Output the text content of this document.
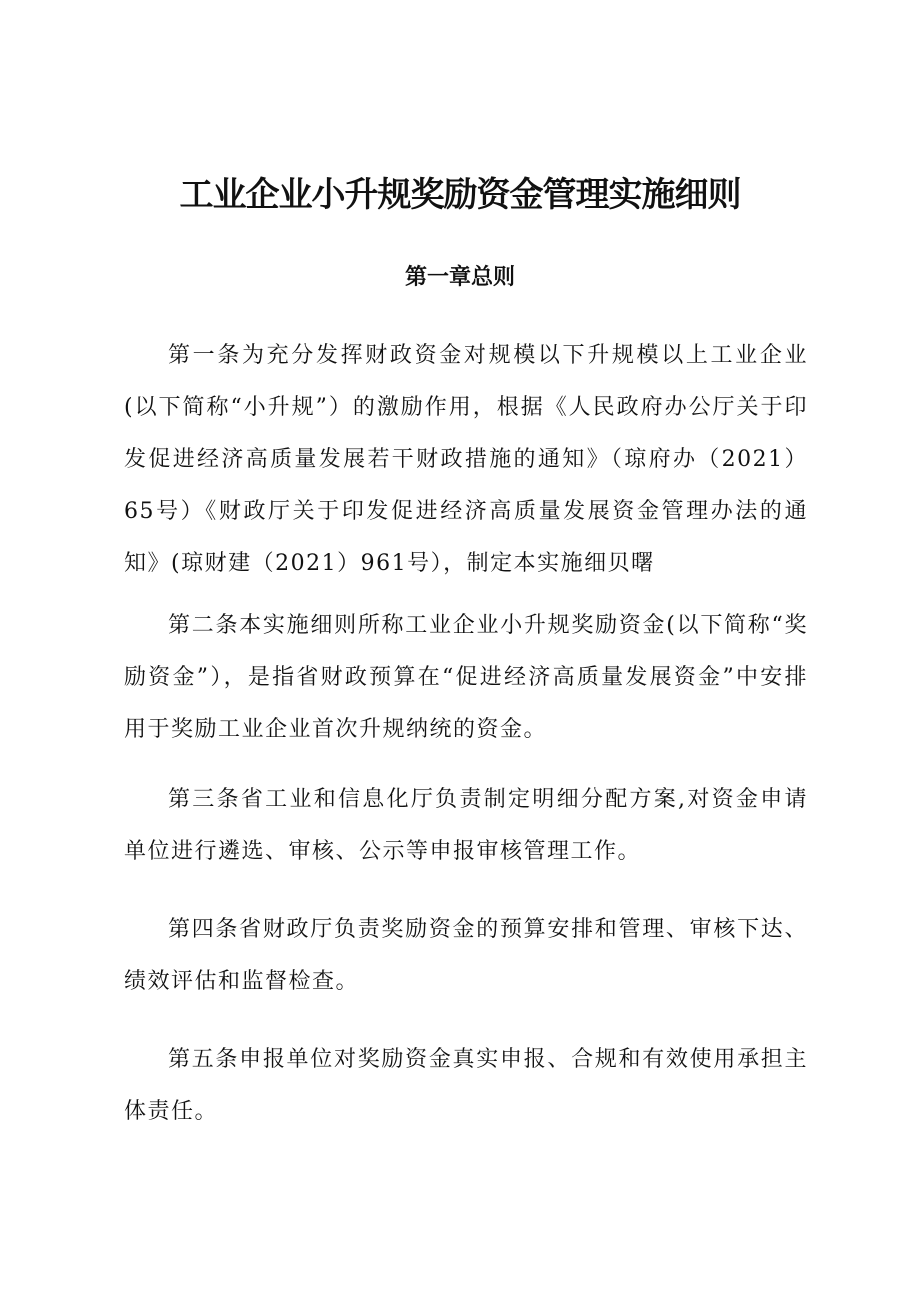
工业企业小升规奖励资金管理实施细则
第一章总则

第一条为充分发挥财政资金对规模以下升规模以上工业企业(以下简称“小升规”）的激励作用，根据《人民政府办公厅关于印发促进经济高质量发展若干财政措施的通知》（琼府办（2021）65号）《财政厅关于印发促进经济高质量发展资金管理办法的通知》(琼财建（2021）961号），制定本实施细贝曙

第二条本实施细则所称工业企业小升规奖励资金(以下简称“奖励资金”），是指省财政预算在“促进经济高质量发展资金”中安排用于奖励工业企业首次升规纳统的资金。

第三条省工业和信息化厅负责制定明细分配方案,对资金申请单位进行遴选、审核、公示等申报审核管理工作。

第四条省财政厅负责奖励资金的预算安排和管理、审核下达、绩效评估和监督检查。

第五条申报单位对奖励资金真实申报、合规和有效使用承担主体责任。
